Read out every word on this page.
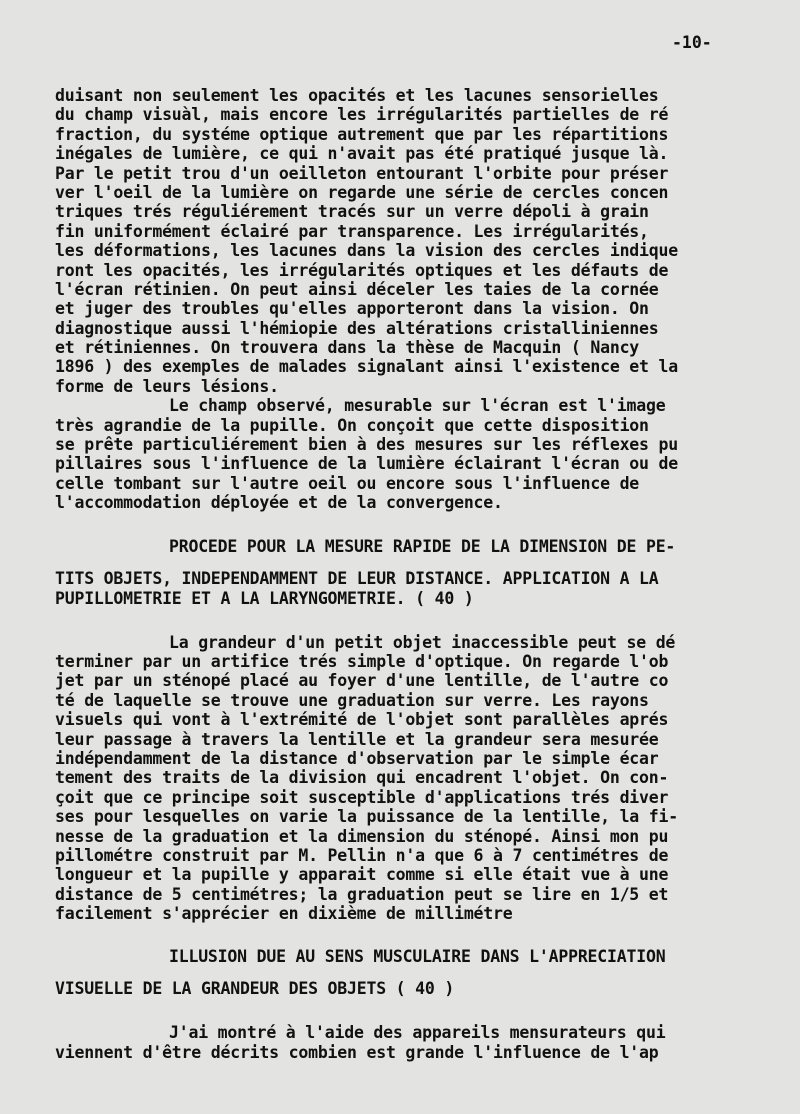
-10-
duisant non seulement les opacités et les lacunes sensorielles
du champ visuàl, mais encore les irrégularités partielles de ré
fraction, du systéme optique autrement que par les répartitions
inégales de lumière, ce qui n'avait pas été pratiqué jusque là.
Par le petit trou d'un oeilleton entourant l'orbite pour préser
ver l'oeil de la lumière on regarde une série de cercles concen
triques trés réguliérement tracés sur un verre dépoli à grain
fin uniformément éclairé par transparence. Les irrégularités,
les déformations, les lacunes dans la vision des cercles indique
ront les opacités, les irrégularités optiques et les défauts de
l'écran rétinien. On peut ainsi déceler les taies de la cornée
et juger des troubles qu'elles apporteront dans la vision. On
diagnostique aussi l'hémiopie des altérations cristalliniennes
et rétiniennes. On trouvera dans la thèse de Macquin ( Nancy
1896 ) des exemples de malades signalant ainsi l'existence et la
forme de leurs lésions.
Le champ observé, mesurable sur l'écran est l'image
très agrandie de la pupille. On conçoit que cette disposition
se prête particuliérement bien à des mesures sur les réflexes pu
pillaires sous l'influence de la lumière éclairant l'écran ou de
celle tombant sur l'autre oeil ou encore sous l'influence de
l'accommodation déployée et de la convergence.
PROCEDE POUR LA MESURE RAPIDE DE LA DIMENSION DE PE-
TITS OBJETS, INDEPENDAMMENT DE LEUR DISTANCE. APPLICATION A LA
PUPILLOMETRIE ET A LA LARYNGOMETRIE. ( 40 )
La grandeur d'un petit objet inaccessible peut se dé
terminer par un artifice trés simple d'optique. On regarde l'ob
jet par un sténopé placé au foyer d'une lentille, de l'autre co
té de laquelle se trouve une graduation sur verre. Les rayons
visuels qui vont à l'extrémité de l'objet sont parallèles aprés
leur passage à travers la lentille et la grandeur sera mesurée
indépendamment de la distance d'observation par le simple écar
tement des traits de la division qui encadrent l'objet. On con-
çoit que ce principe soit susceptible d'applications trés diver
ses pour lesquelles on varie la puissance de la lentille, la fi-
nesse de la graduation et la dimension du sténopé. Ainsi mon pu
pillométre construit par M. Pellin n'a que 6 à 7 centimétres de
longueur et la pupille y apparait comme si elle était vue à une
distance de 5 centimétres; la graduation peut se lire en 1/5 et
facilement s'apprécier en dixième de millimétre
ILLUSION DUE AU SENS MUSCULAIRE DANS L'APPRECIATION
VISUELLE DE LA GRANDEUR DES OBJETS ( 40 )
J'ai montré à l'aide des appareils mensurateurs qui
viennent d'être décrits combien est grande l'influence de l'ap
